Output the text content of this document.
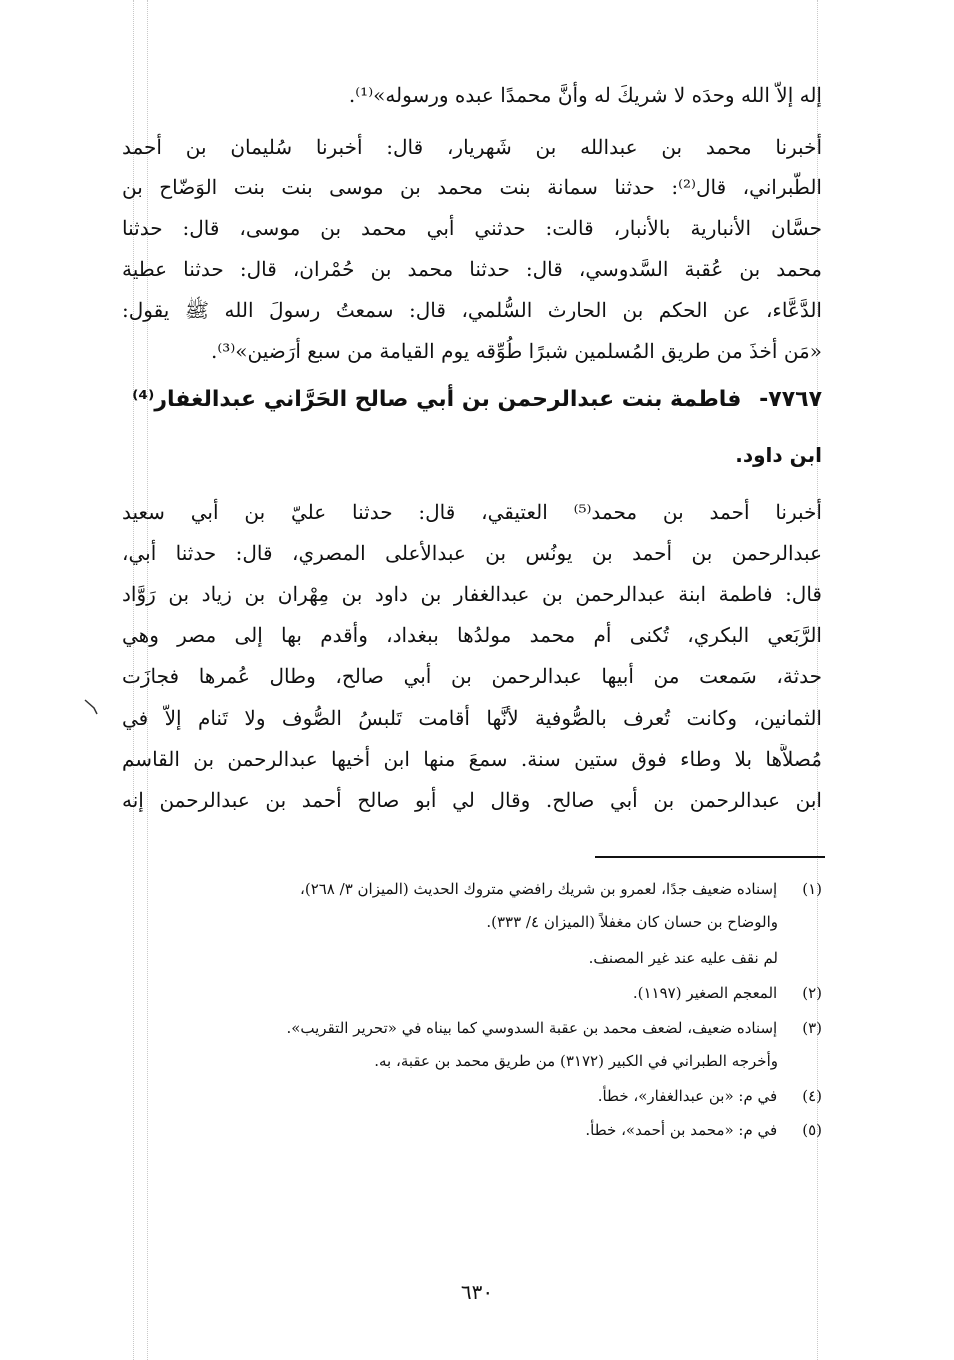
إله إلاّ الله وحدَه لا شريكَ له وأنَّ محمدًا عبده ورسوله»⁽¹⁾.
أخبرنا محمد بن عبدالله بن شَهريار، قال: أخبرنا سُليمان بن أحمد
الطَّبراني، قال⁽²⁾: حدثنا سمانة بنت محمد بن موسى بنت بنت الوَضّاح بن
حسَّان الأنبارية بالأنبار، قالت: حدثني أبي محمد بن موسى، قال: حدثنا
محمد بن عُقبة السَّدوسي، قال: حدثنا محمد بن حُمْران، قال: حدثنا عطية
الدَّعَّاء، عن الحكم بن الحارث السُّلمي، قال: سمعتُ رسولَ الله ﷺ يقول:
«مَن أخذَ من طريق المُسلمين شبرًا طُوِّقه يوم القيامة من سبع أرَضين»⁽³⁾.
٧٧٦٧- فاطمة بنت عبدالرحمن بن أبي صالح الحَرَّاني عبدالغفار⁽⁴⁾
ابن داود.
أخبرنا أحمد بن محمد⁽⁵⁾ العتيقي، قال: حدثنا عليّ بن أبي سعيد
عبدالرحمن بن أحمد بن يونُس بن عبدالأعلى المصري، قال: حدثنا أبي،
قال: فاطمة ابنة عبدالرحمن بن عبدالغفار بن داود بن مِهْران بن زياد بن رَوَّاد
الرَّبَعي البكري، تُكنى أم محمد مولدُها ببغداد، وأقدم بها إلى مصر وهي
حدثة، سَمعت من أبيها عبدالرحمن بن أبي صالح، وطال عُمرها فجازَت
الثمانين، وكانت تُعرف بالصُّوفية لأنَّها أقامت تَلبسُ الصُّوف ولا تَنام إلاّ في
مُصلاَّها بلا وطاء فوق ستين سنة. سمعَ منها ابن أخيها عبدالرحمن بن القاسم
ابن عبدالرحمن بن أبي صالح. وقال لي أبو صالح أحمد بن عبدالرحمن إنه
(١) إسناده ضعيف جدًا، لعمرو بن شريك رافضي متروك الحديث (الميزان ٣/ ٢٦٨)،
والوضاح بن حسان كان مغفلاً (الميزان ٤/ ٣٣٣).
لم نقف عليه عند غير المصنف.
(٢) المعجم الصغير (١١٩٧).
(٣) إسناده ضعيف، لضعف محمد بن عقبة السدوسي كما بيناه في «تحرير التقريب».
وأخرجه الطبراني في الكبير (٣١٧٢) من طريق محمد بن عقبة، به.
(٤) في م: «بن عبدالغفار»، خطأ.
(٥) في م: «محمد بن أحمد»، خطأ.
٦٣٠
